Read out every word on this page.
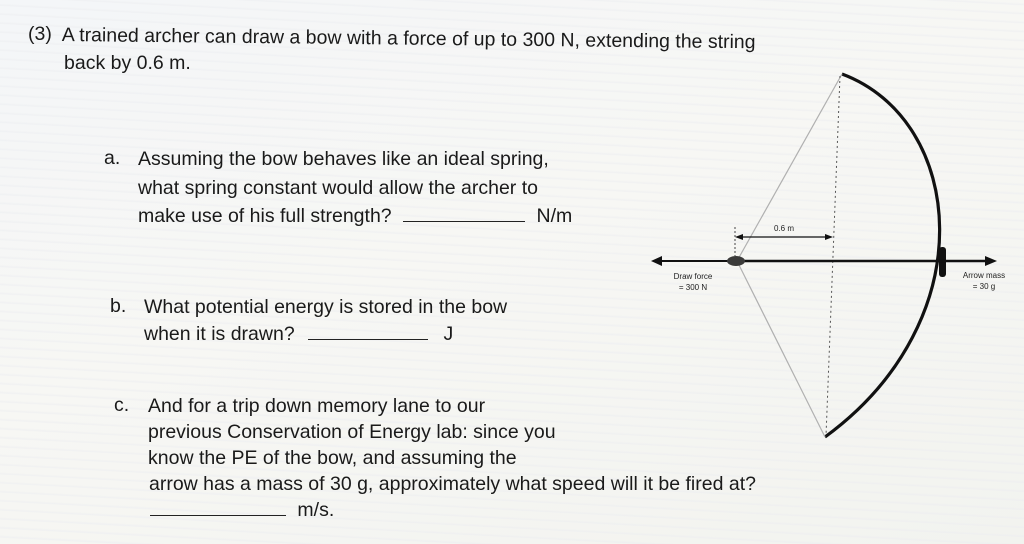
(3) A trained archer can draw a bow with a force of up to 300 N, extending the string
back by 0.6 m.
a. Assuming the bow behaves like an ideal spring,
what spring constant would allow the archer to
make use of his full strength?	N/m
b. What potential energy is stored in the bow
when it is drawn?	J
c. And for a trip down memory lane to our
previous Conservation of Energy lab: since you
know the PE of the bow, and assuming the
arrow has a mass of 30 g, approximately what speed will it be fired at?
m/s.
0.6 m
Draw force
= 300 N
Arrow mass
= 30 g
